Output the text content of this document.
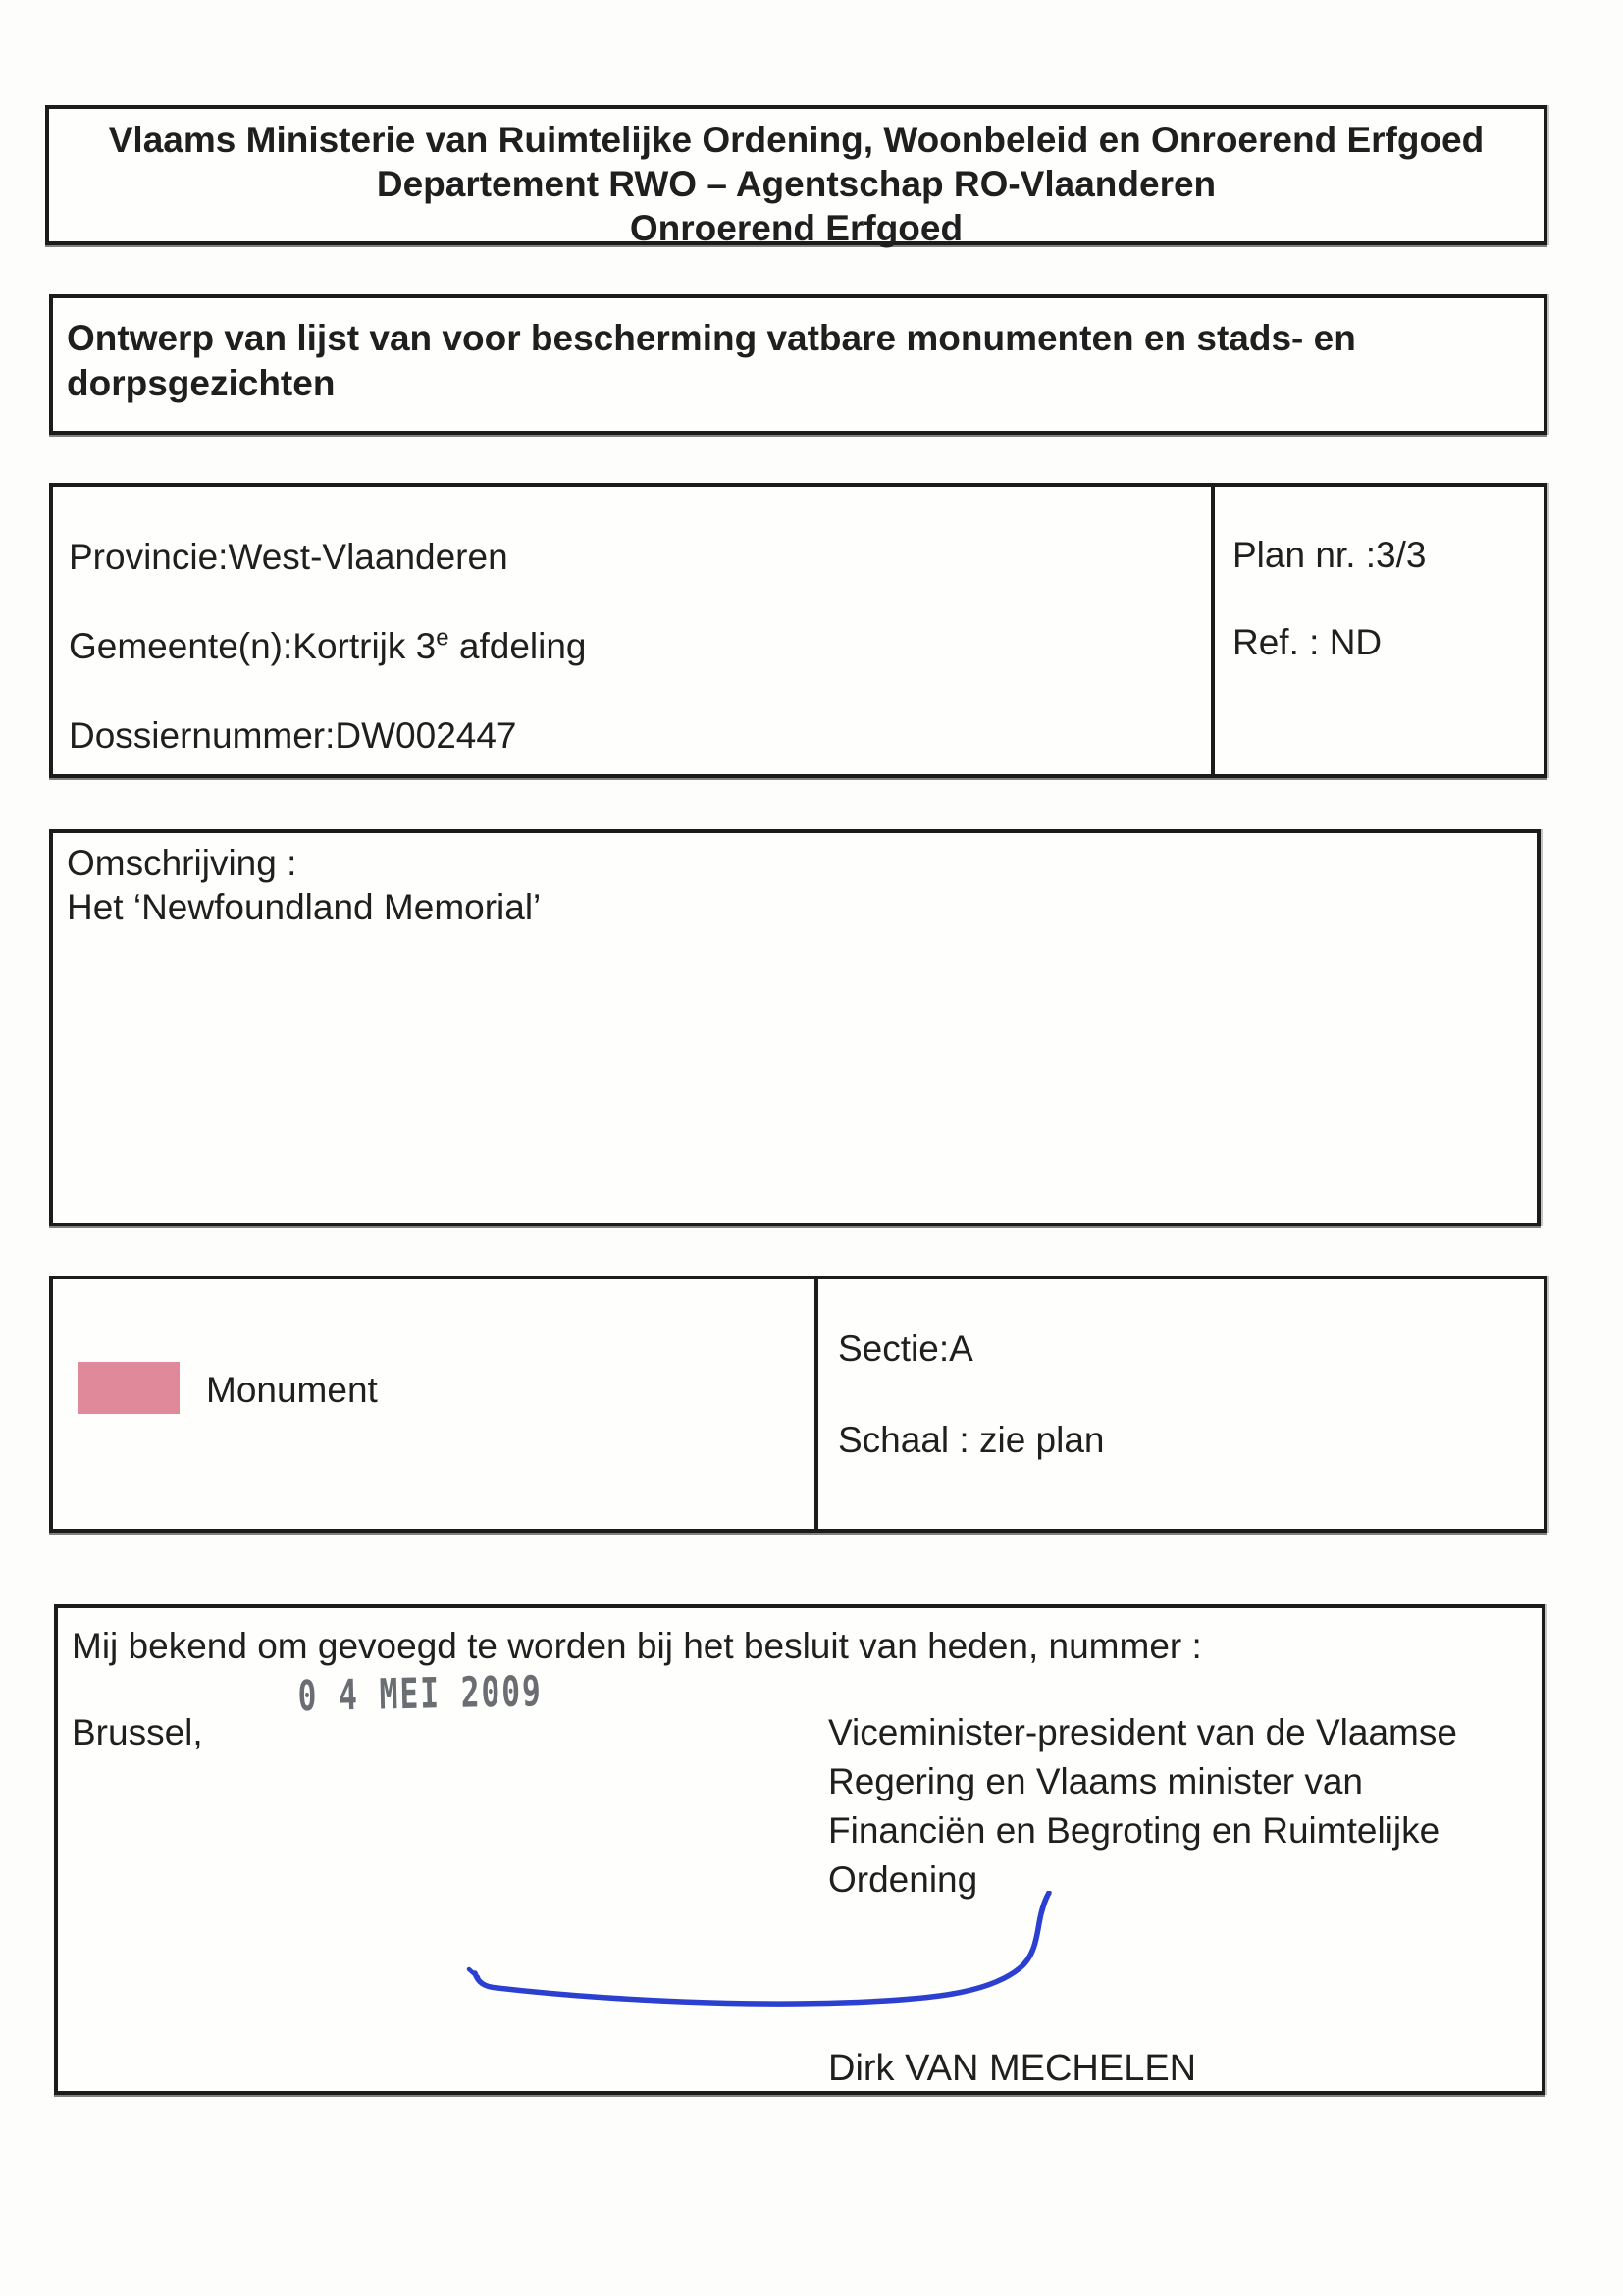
Vlaams Ministerie van Ruimtelijke Ordening, Woonbeleid en Onroerend Erfgoed
Departement RWO – Agentschap RO-Vlaanderen
Onroerend Erfgoed
Ontwerp van lijst van voor bescherming vatbare monumenten en stads- en
dorpsgezichten
Provincie:West-Vlaanderen
Gemeente(n):Kortrijk 3e afdeling
Dossiernummer:DW002447
Plan nr. :3/3
Ref. : ND
Omschrijving :
Het ‘Newfoundland Memorial’
Monument
Sectie:A
Schaal : zie plan
Mij bekend om gevoegd te worden bij het besluit van heden, nummer :
0 4 MEI 2009
Brussel,	Viceminister-president van de Vlaamse
Regering en Vlaams minister van
Financiën en Begroting en Ruimtelijke
Ordening
Dirk VAN MECHELEN
